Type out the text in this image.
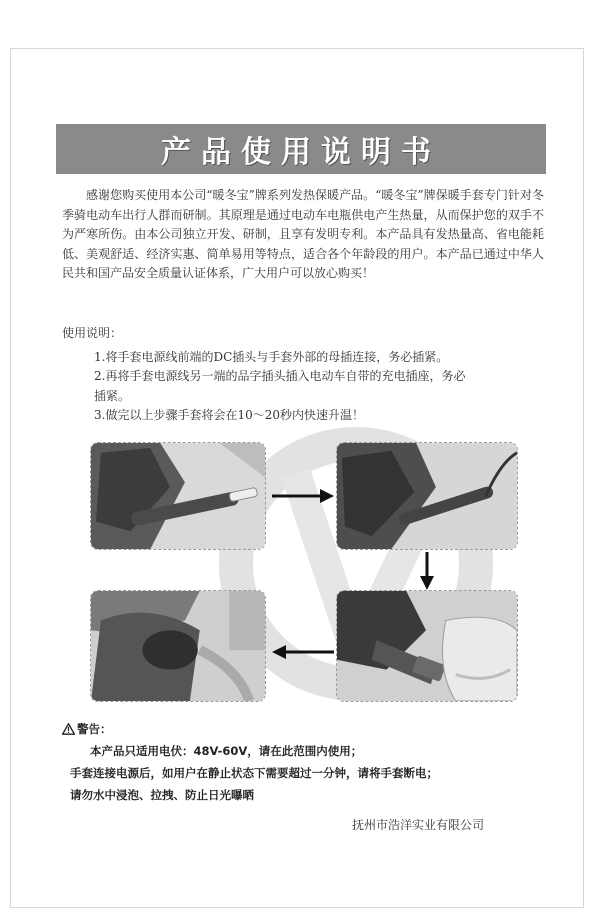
产品使用说明书
感谢您购买使用本公司“暖冬宝”牌系列发热保暖产品。“暖冬宝”牌保暖手套专门针对冬季骑电动车出行人群而研制。其原理是通过电动车电瓶供电产生热量，从而保护您的双手不为严寒所伤。由本公司独立开发、研制，且享有发明专利。本产品具有发热量高、省电能耗低、美观舒适、经济实惠、简单易用等特点，适合各个年龄段的用户。本产品已通过中华人民共和国产品安全质量认证体系，广大用户可以放心购买！
使用说明：
1.将手套电源线前端的DC插头与手套外部的母插连接，务必插紧。
2.再将手套电源线另一端的品字插头插入电动车自带的充电插座，务必
插紧。
3.做完以上步骤手套将会在10～20秒内快速升温！
警告：
本产品只适用电伏：48V-60V，请在此范围内使用；
手套连接电源后，如用户在静止状态下需要超过一分钟，请将手套断电；
请勿水中浸泡、拉拽、防止日光曝晒
抚州市浩洋实业有限公司
